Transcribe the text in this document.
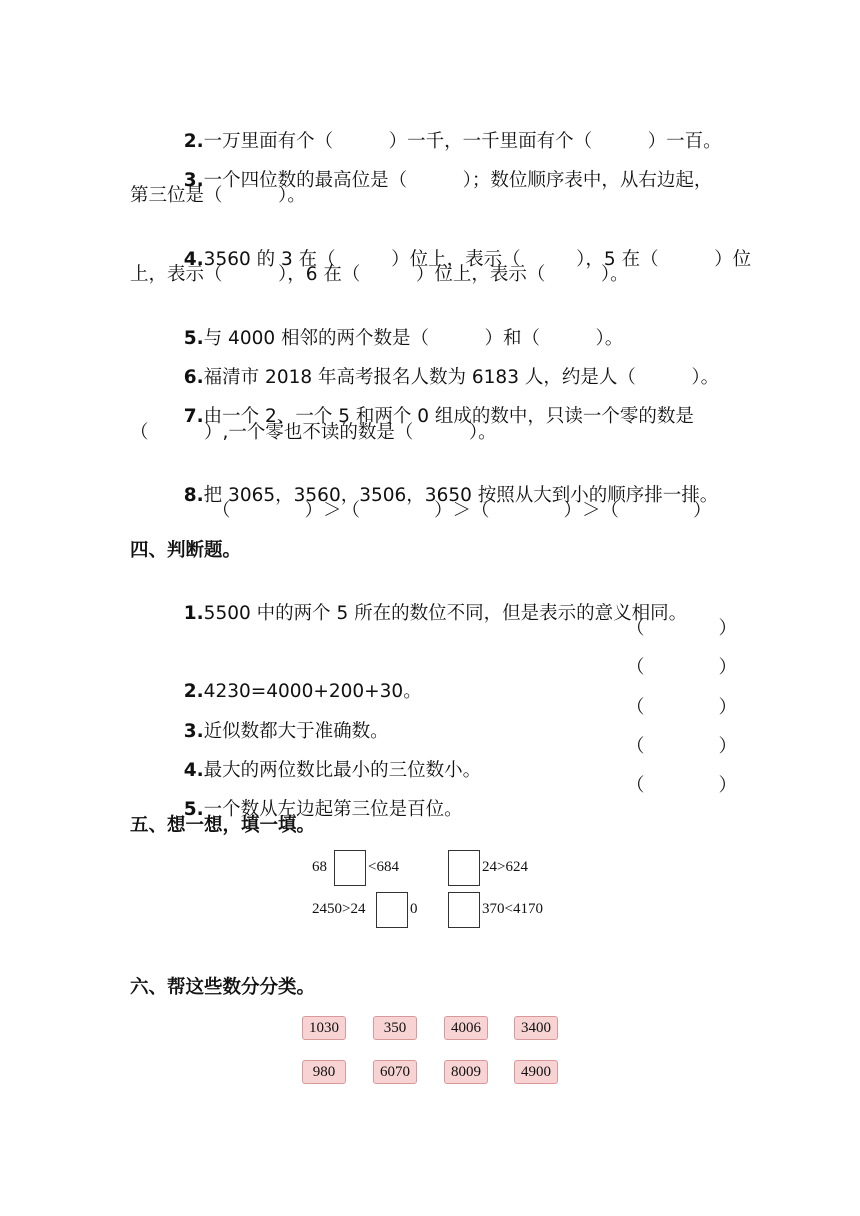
2.一万里面有个（　　　）一千，一千里面有个（　　　）一百。

3.一个四位数的最高位是（　　　）；数位顺序表中，从右边起，

第三位是（　　　）。

4.3560 的 3 在（　　　）位上，表示（　　　），5 在（　　　）位

上，表示（　　　），6 在（　　　）位上，表示（　　　）。

5.与 4000 相邻的两个数是（　　　）和（　　　）。

6.福清市 2018 年高考报名人数为 6183 人，约是人（　　　）。

7.由一个 2、一个 5 和两个 0 组成的数中，只读一个零的数是

（　　　）,一个零也不读的数是（　　　）。

8.把 3065，3560，3506，3650 按照从大到小的顺序排一排。

（　　　　）＞（　　　　）＞（　　　　）＞（　　　　）
四、判断题。

1.5500 中的两个 5 所在的数位不同，但是表示的意义相同。

（　　　　）

2.4230=4000+200+30。

（　　　　）

3.近似数都大于准确数。

（　　　　）

4.最大的两位数比最小的三位数小。

（　　　　）

5.一个数从左边起第三位是百位。

（　　　　）
五、想一想，填一填。
68	<684	24>624
2450>24	0	370<4170
六、帮这些数分分类。
1030	350	4006	3400
980	6070	8009	4900
